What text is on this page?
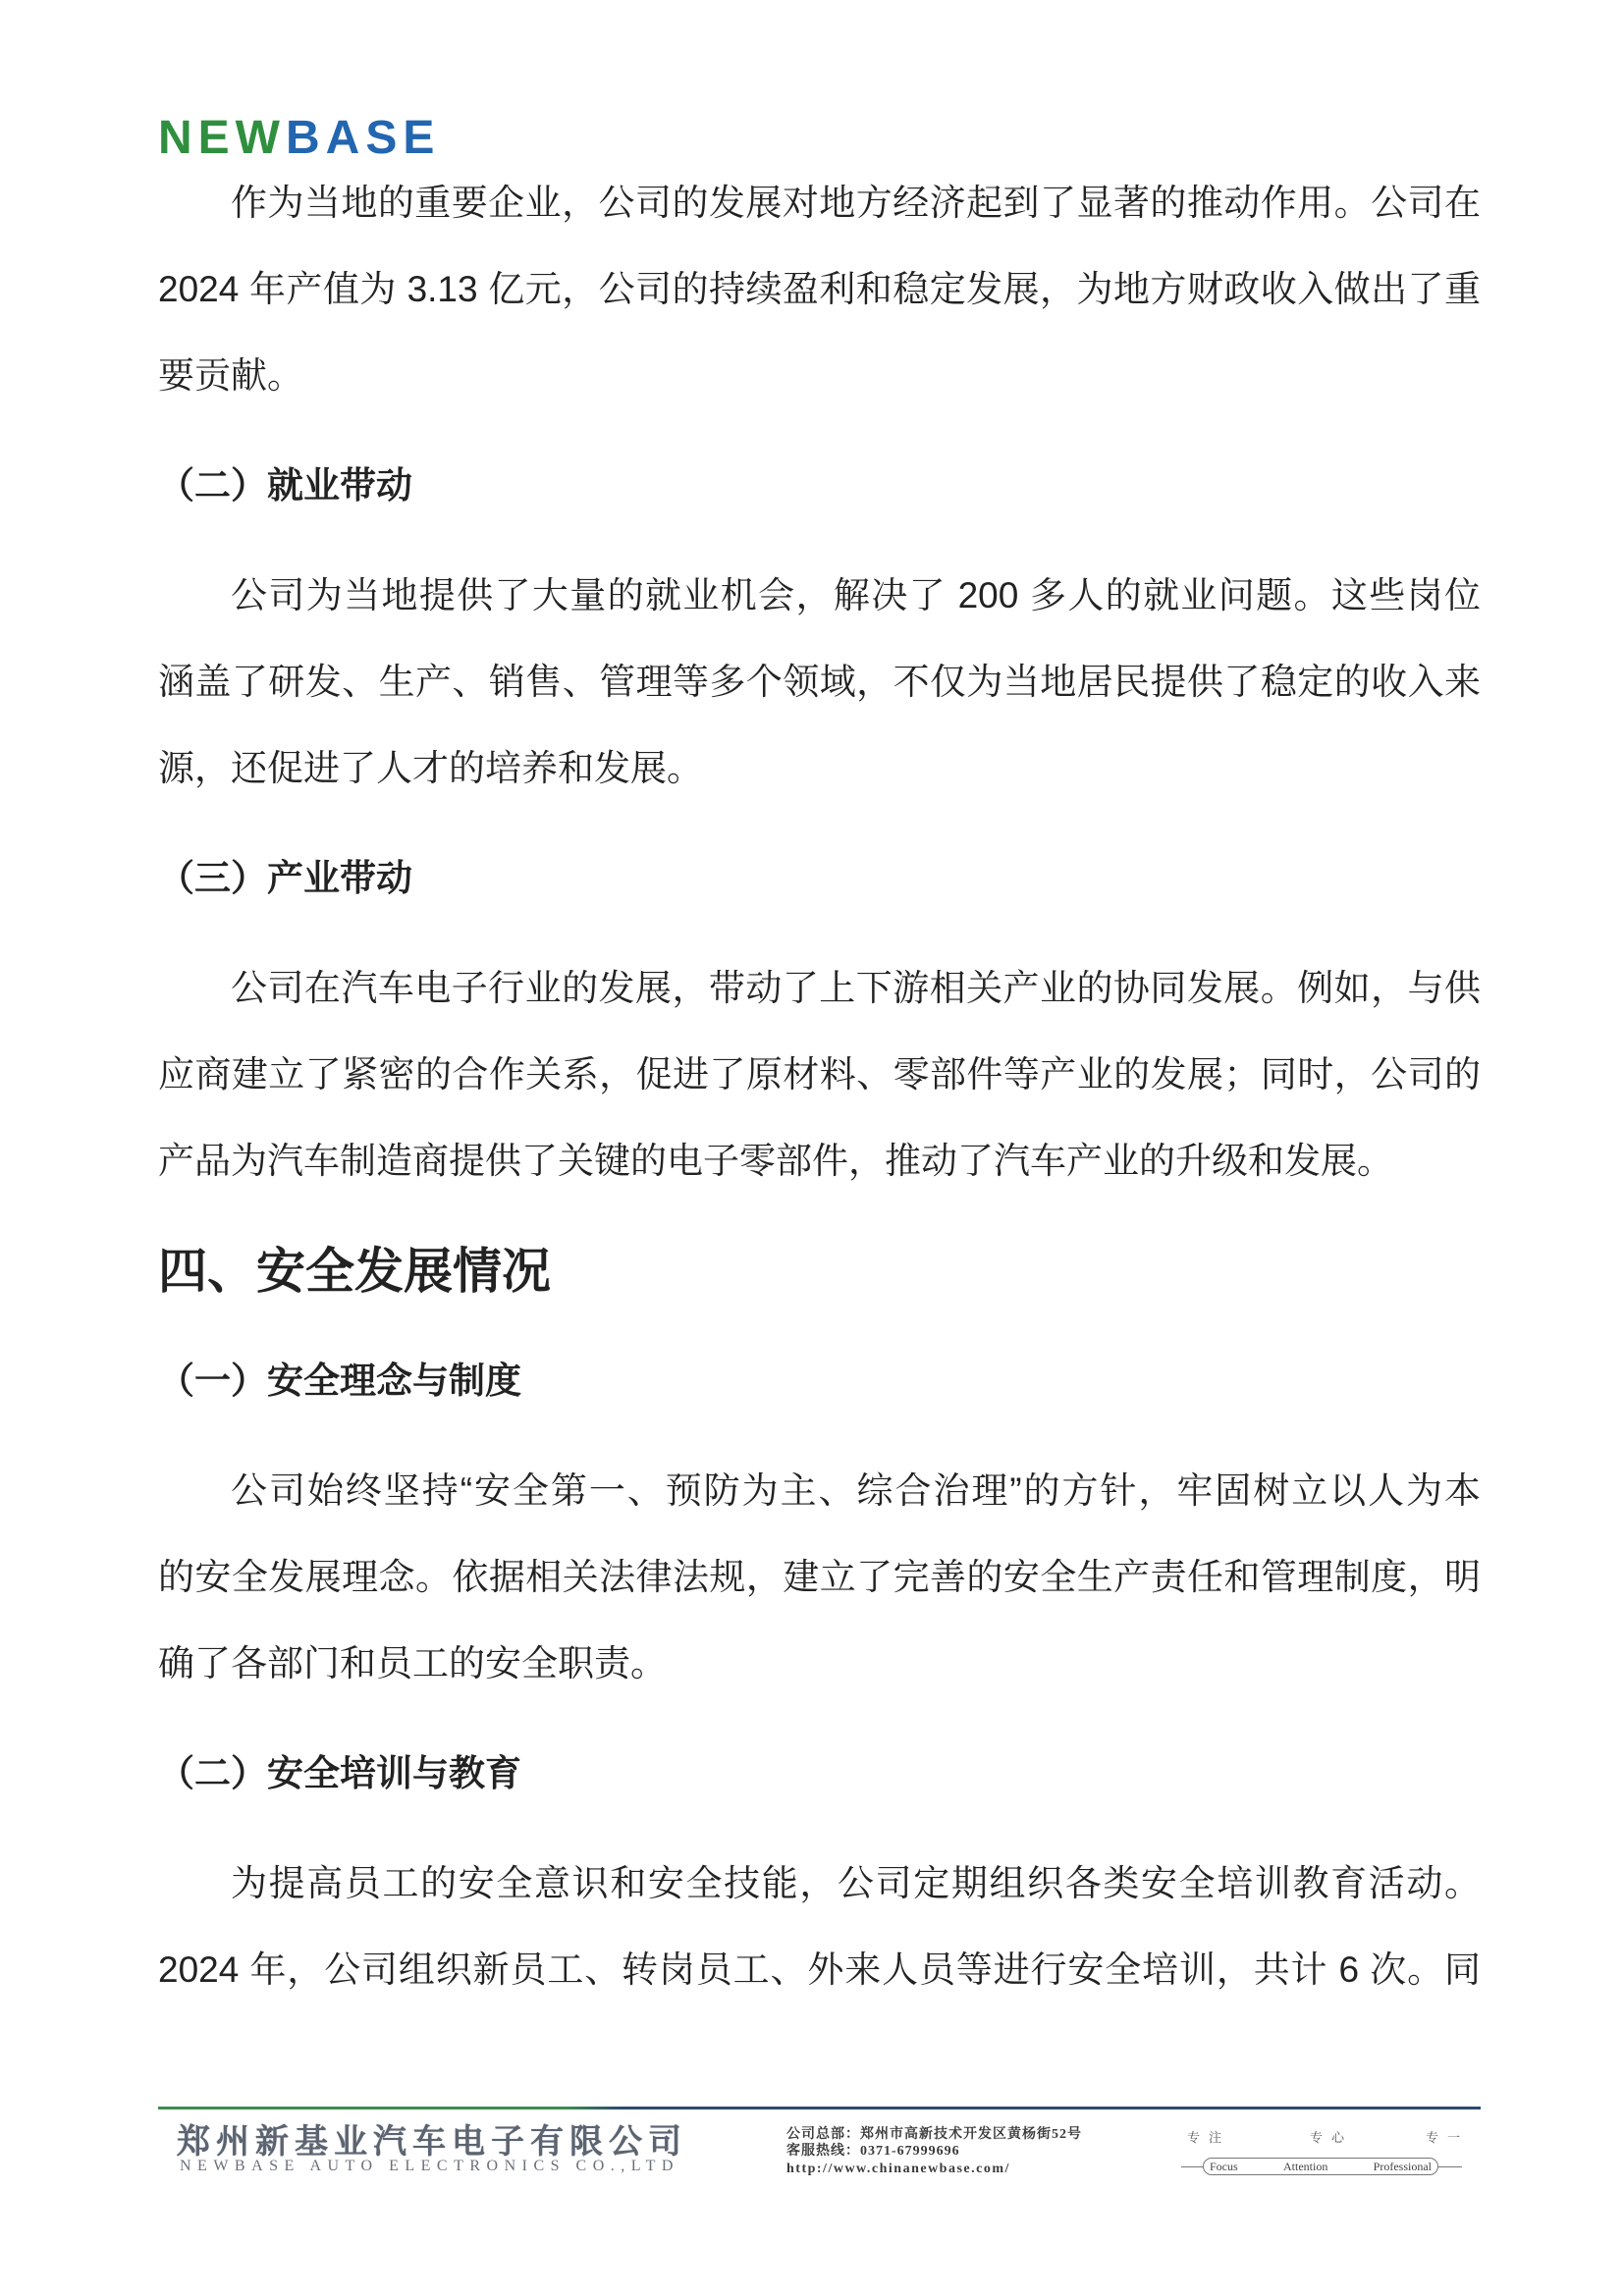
NEWBASE
作为当地的重要企业，公司的发展对地方经济起到了显著的推动作用。公司在
2024 年产值为 3.13 亿元，公司的持续盈利和稳定发展，为地方财政收入做出了重
要贡献。
（二）就业带动
公司为当地提供了大量的就业机会，解决了 200 多人的就业问题。这些岗位
涵盖了研发、生产、销售、管理等多个领域，不仅为当地居民提供了稳定的收入来
源，还促进了人才的培养和发展。
（三）产业带动
公司在汽车电子行业的发展，带动了上下游相关产业的协同发展。例如，与供
应商建立了紧密的合作关系，促进了原材料、零部件等产业的发展；同时，公司的
产品为汽车制造商提供了关键的电子零部件，推动了汽车产业的升级和发展。
四、安全发展情况
（一）安全理念与制度
公司始终坚持“安全第一、预防为主、综合治理”的方针，牢固树立以人为本
的安全发展理念。依据相关法律法规，建立了完善的安全生产责任和管理制度，明
确了各部门和员工的安全职责。
（二）安全培训与教育
为提高员工的安全意识和安全技能，公司定期组织各类安全培训教育活动。
2024 年，公司组织新员工、转岗员工、外来人员等进行安全培训，共计 6 次。同
郑州新基业汽车电子有限公司
NEWBASE AUTO ELECTRONICS CO.,LTD
公司总部：郑州市高新技术开发区黄杨街52号
客服热线：0371-67999696
http://www.chinanewbase.com/
专注	专心	专一
Focus	Attention	Professional
